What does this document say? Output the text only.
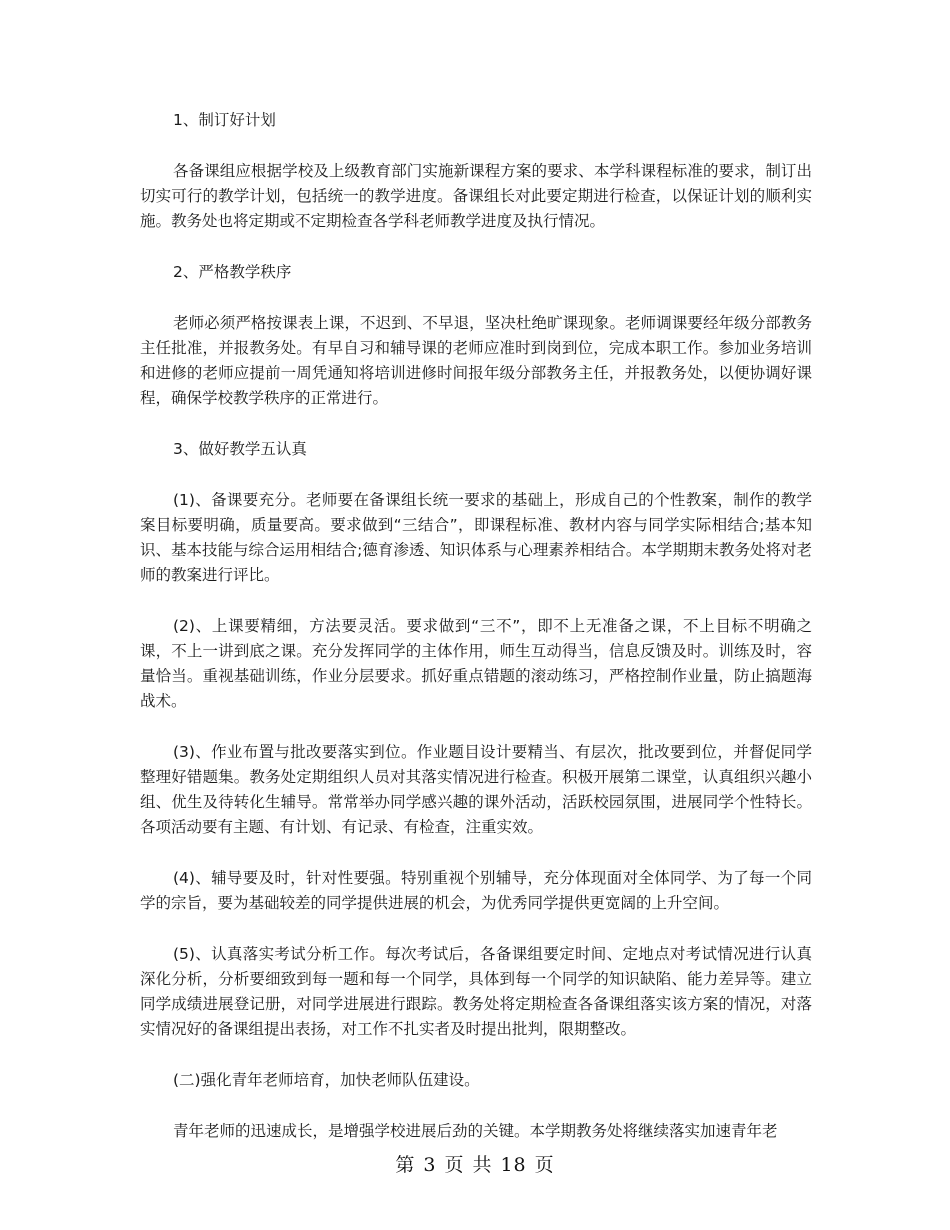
1、制订好计划

各备课组应根据学校及上级教育部门实施新课程方案的要求、本学科课程标准的要求，制订出切实可行的教学计划，包括统一的教学进度。备课组长对此要定期进行检查，以保证计划的顺利实施。教务处也将定期或不定期检查各学科老师教学进度及执行情况。

2、严格教学秩序

老师必须严格按课表上课，不迟到、不早退，坚决杜绝旷课现象。老师调课要经年级分部教务主任批准，并报教务处。有早自习和辅导课的老师应准时到岗到位，完成本职工作。参加业务培训和进修的老师应提前一周凭通知将培训进修时间报年级分部教务主任，并报教务处，以便协调好课程，确保学校教学秩序的正常进行。

3、做好教学五认真

(1)、备课要充分。老师要在备课组长统一要求的基础上，形成自己的个性教案，制作的教学案目标要明确，质量要高。要求做到“三结合”，即课程标准、教材内容与同学实际相结合;基本知识、基本技能与综合运用相结合;德育渗透、知识体系与心理素养相结合。本学期期末教务处将对老师的教案进行评比。

(2)、上课要精细，方法要灵活。要求做到“三不”，即不上无准备之课，不上目标不明确之课，不上一讲到底之课。充分发挥同学的主体作用，师生互动得当，信息反馈及时。训练及时，容量恰当。重视基础训练，作业分层要求。抓好重点错题的滚动练习，严格控制作业量，防止搞题海战术。

(3)、作业布置与批改要落实到位。作业题目设计要精当、有层次，批改要到位，并督促同学整理好错题集。教务处定期组织人员对其落实情况进行检查。积极开展第二课堂，认真组织兴趣小组、优生及待转化生辅导。常常举办同学感兴趣的课外活动，活跃校园氛围，进展同学个性特长。各项活动要有主题、有计划、有记录、有检查，注重实效。

(4)、辅导要及时，针对性要强。特别重视个别辅导，充分体现面对全体同学、为了每一个同学的宗旨，要为基础较差的同学提供进展的机会，为优秀同学提供更宽阔的上升空间。

(5)、认真落实考试分析工作。每次考试后，各备课组要定时间、定地点对考试情况进行认真深化分析，分析要细致到每一题和每一个同学，具体到每一个同学的知识缺陷、能力差异等。建立同学成绩进展登记册，对同学进展进行跟踪。教务处将定期检查各备课组落实该方案的情况，对落实情况好的备课组提出表扬，对工作不扎实者及时提出批判，限期整改。

(二)强化青年老师培育，加快老师队伍建设。

青年老师的迅速成长，是增强学校进展后劲的关键。本学期教务处将继续落实加速青年老

第 3 页 共 18 页
